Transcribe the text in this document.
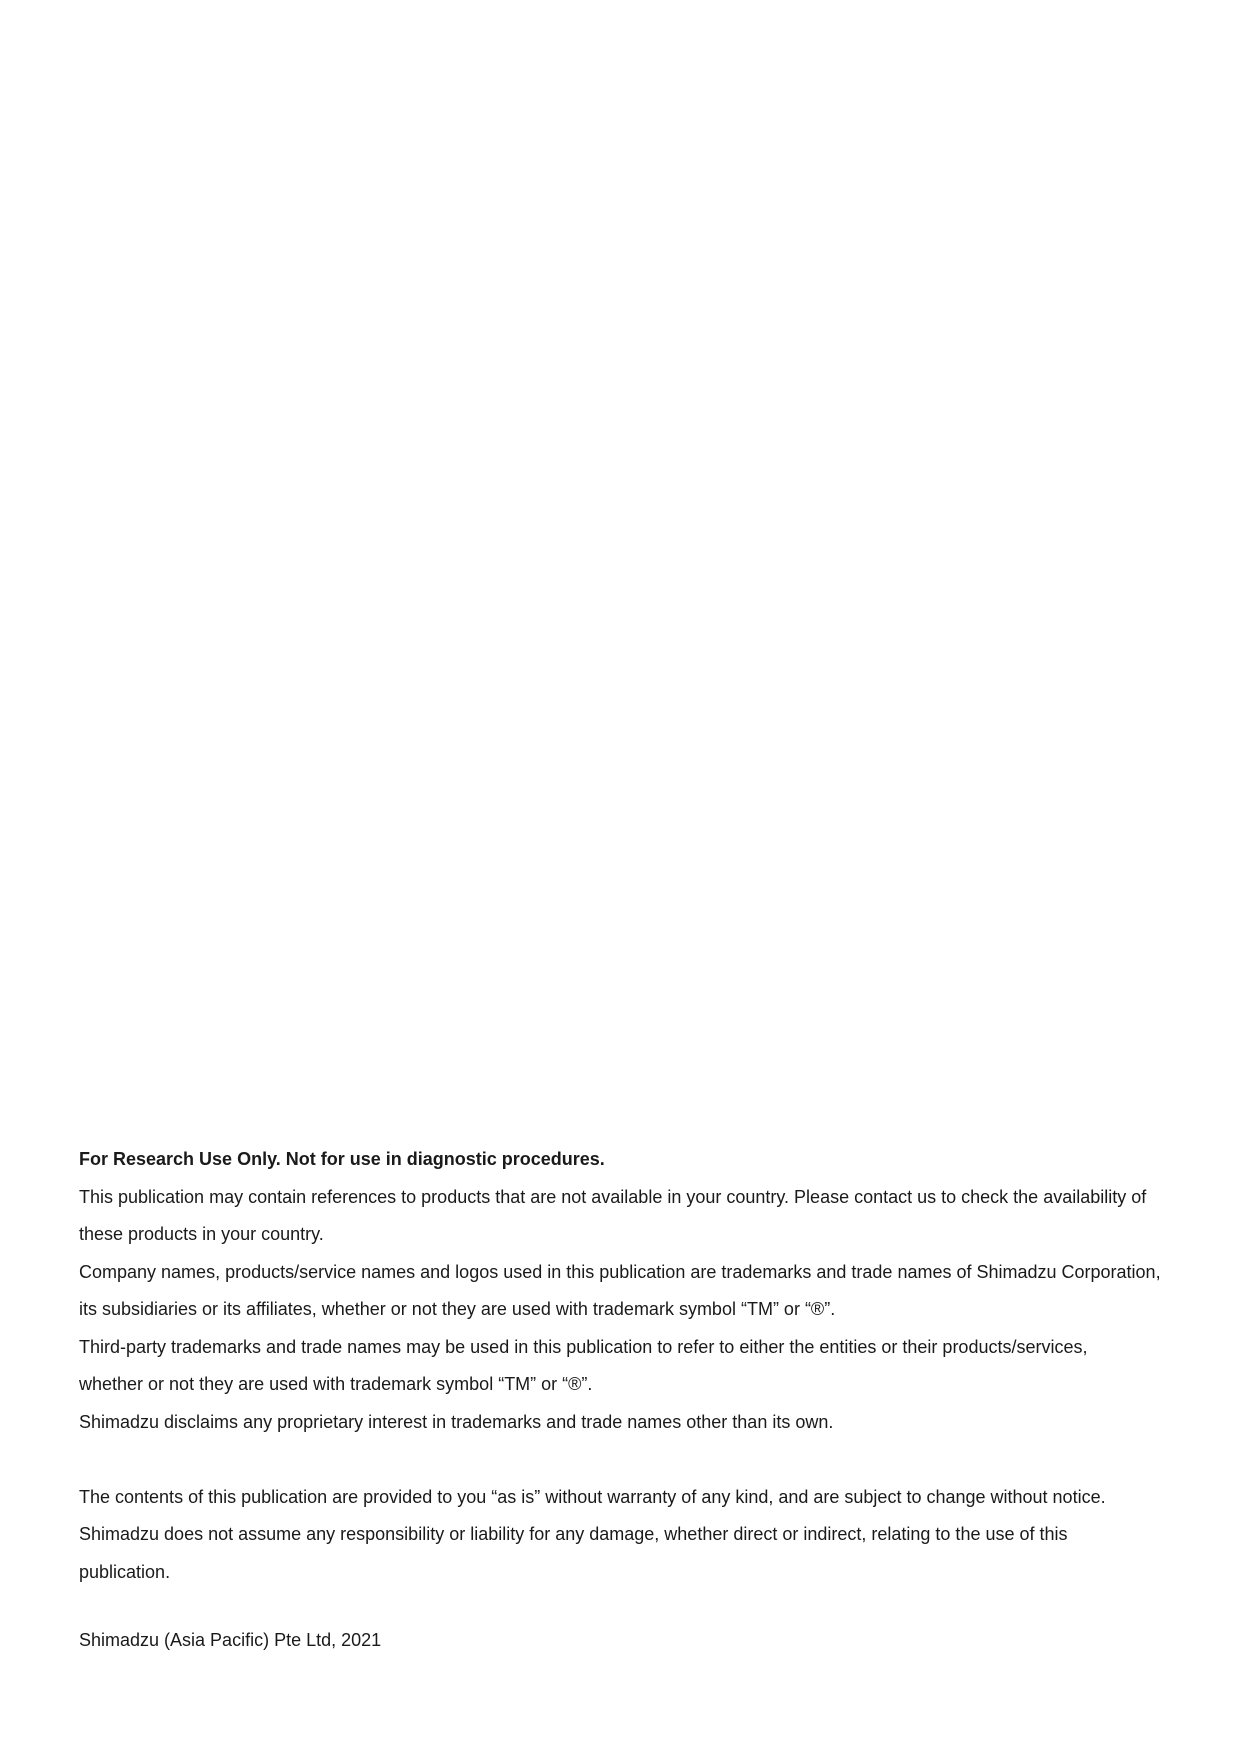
For Research Use Only. Not for use in diagnostic procedures.

This publication may contain references to products that are not available in your country. Please contact us to check the availability of

these products in your country.

Company names, products/service names and logos used in this publication are trademarks and trade names of Shimadzu Corporation,

its subsidiaries or its affiliates, whether or not they are used with trademark symbol “TM” or “®”.

Third-party trademarks and trade names may be used in this publication to refer to either the entities or their products/services,

whether or not they are used with trademark symbol “TM” or “®”.

Shimadzu disclaims any proprietary interest in trademarks and trade names other than its own.

The contents of this publication are provided to you “as is” without warranty of any kind, and are subject to change without notice.

Shimadzu does not assume any responsibility or liability for any damage, whether direct or indirect, relating to the use of this

publication.

Shimadzu (Asia Pacific) Pte Ltd, 2021
